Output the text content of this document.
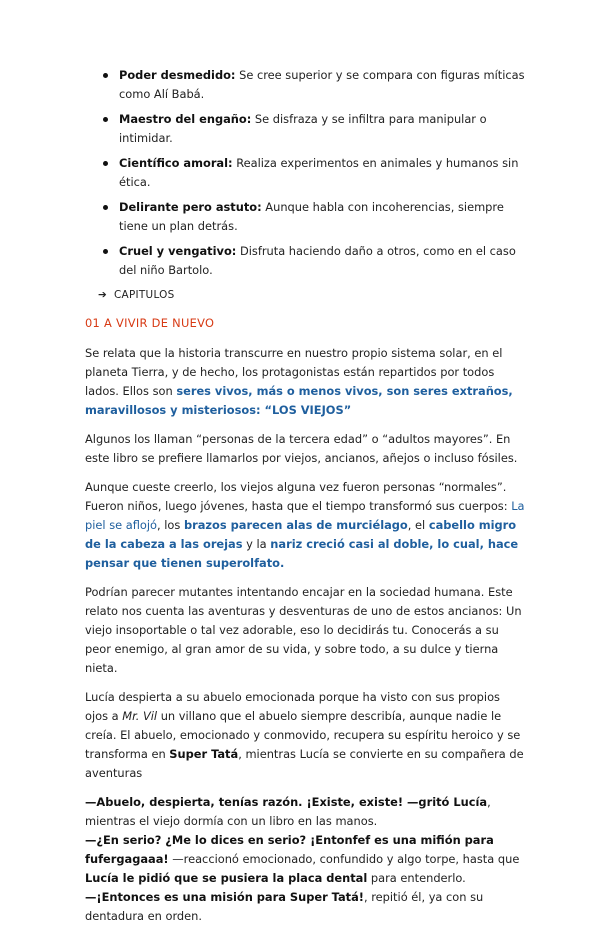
Poder desmedido: Se cree superior y se compara con figuras míticas como Alí Babá.
Maestro del engaño: Se disfraza y se infiltra para manipular o intimidar.
Científico amoral: Realiza experimentos en animales y humanos sin ética.
Delirante pero astuto: Aunque habla con incoherencias, siempre tiene un plan detrás.
Cruel y vengativo: Disfruta haciendo daño a otros, como en el caso del niño Bartolo.
➔ CAPITULOS
01 A VIVIR DE NUEVO

Se relata que la historia transcurre en nuestro propio sistema solar, en el planeta Tierra, y de hecho, los protagonistas están repartidos por todos lados. Ellos son seres vivos, más o menos vivos, son seres extraños, maravillosos y misteriosos: “LOS VIEJOS”

Algunos los llaman “personas de la tercera edad” o “adultos mayores”. En este libro se prefiere llamarlos por viejos, ancianos, añejos o incluso fósiles.

Aunque cueste creerlo, los viejos alguna vez fueron personas “normales”. Fueron niños, luego jóvenes, hasta que el tiempo transformó sus cuerpos: La piel se aflojó, los brazos parecen alas de murciélago, el cabello migro de la cabeza a las orejas y la nariz creció casi al doble, lo cual, hace pensar que tienen superolfato.

Podrían parecer mutantes intentando encajar en la sociedad humana. Este relato nos cuenta las aventuras y desventuras de uno de estos ancianos: Un viejo insoportable o tal vez adorable, eso lo decidirás tu. Conocerás a su peor enemigo, al gran amor de su vida, y sobre todo, a su dulce y tierna nieta.

Lucía despierta a su abuelo emocionada porque ha visto con sus propios ojos a Mr. Vil un villano que el abuelo siempre describía, aunque nadie le creía. El abuelo, emocionado y conmovido, recupera su espíritu heroico y se transforma en Super Tatá, mientras Lucía se convierte en su compañera de aventuras

—Abuelo, despierta, tenías razón. ¡Existe, existe! —gritó Lucía, mientras el viejo dormía con un libro en las manos.

—¿En serio? ¿Me lo dices en serio? ¡Entonfef es una mifión para fufergagaaa! —reaccionó emocionado, confundido y algo torpe, hasta que Lucía le pidió que se pusiera la placa dental para entenderlo.

—¡Entonces es una misión para Super Tatá!, repitió él, ya con su dentadura en orden.
